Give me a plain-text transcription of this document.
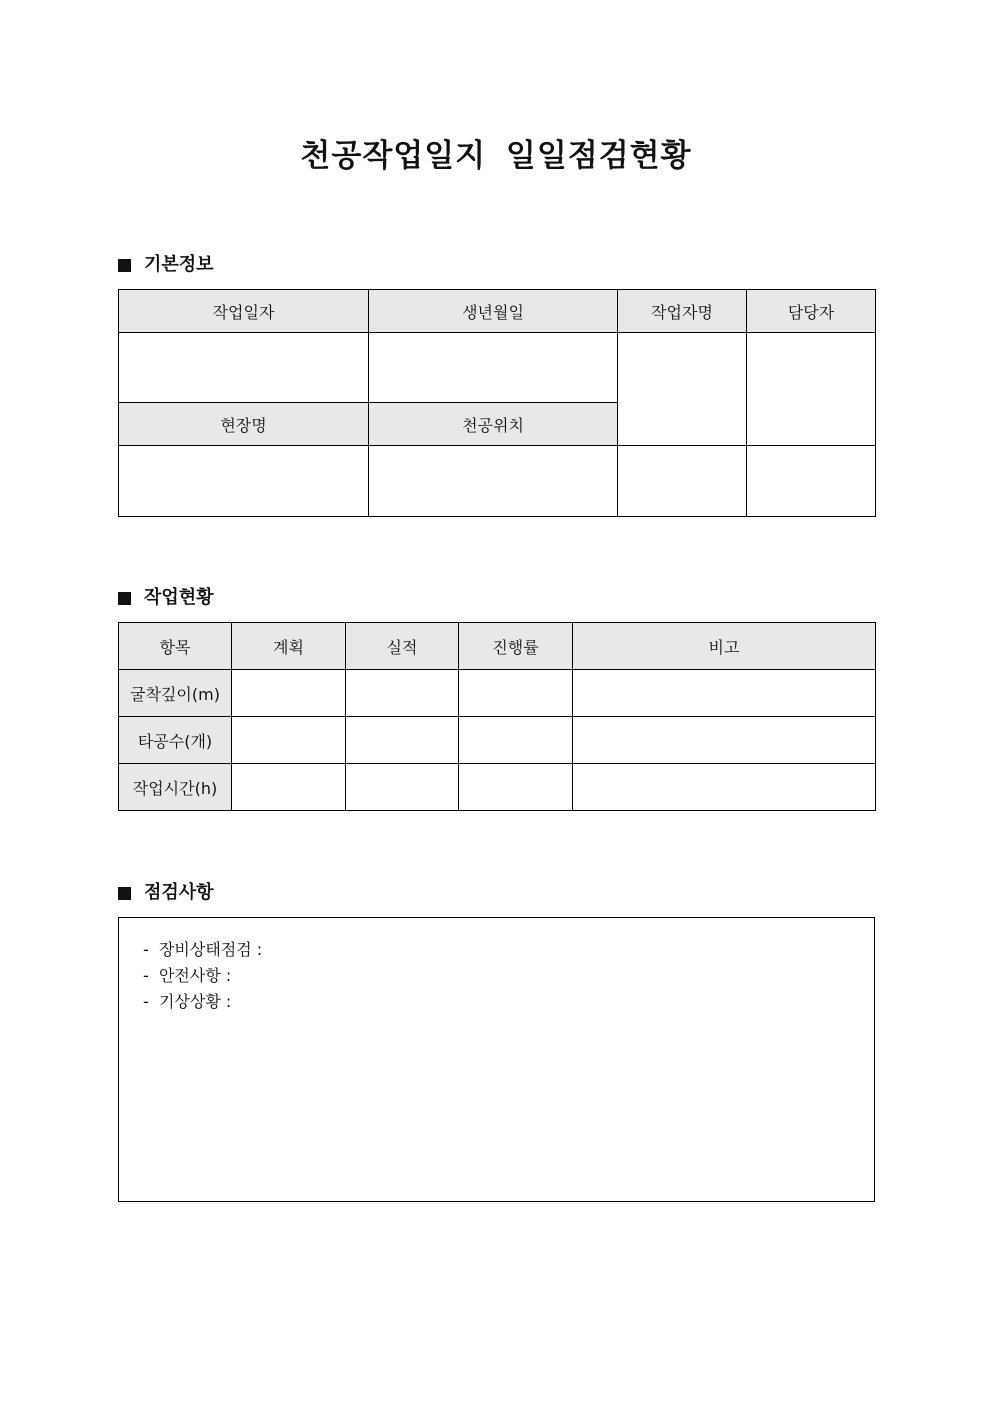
천공작업일지 일일점검현황
기본정보
작업일자	생년월일	작업자명	담당자

현장명	천공위치		

작업현황
항목	계획	실적	진행률	비고
굴착깊이(m)				
타공수(개)				
작업시간(h)				
점검사항
-  장비상태점검 :
-  안전사항 :
-  기상상황 :
